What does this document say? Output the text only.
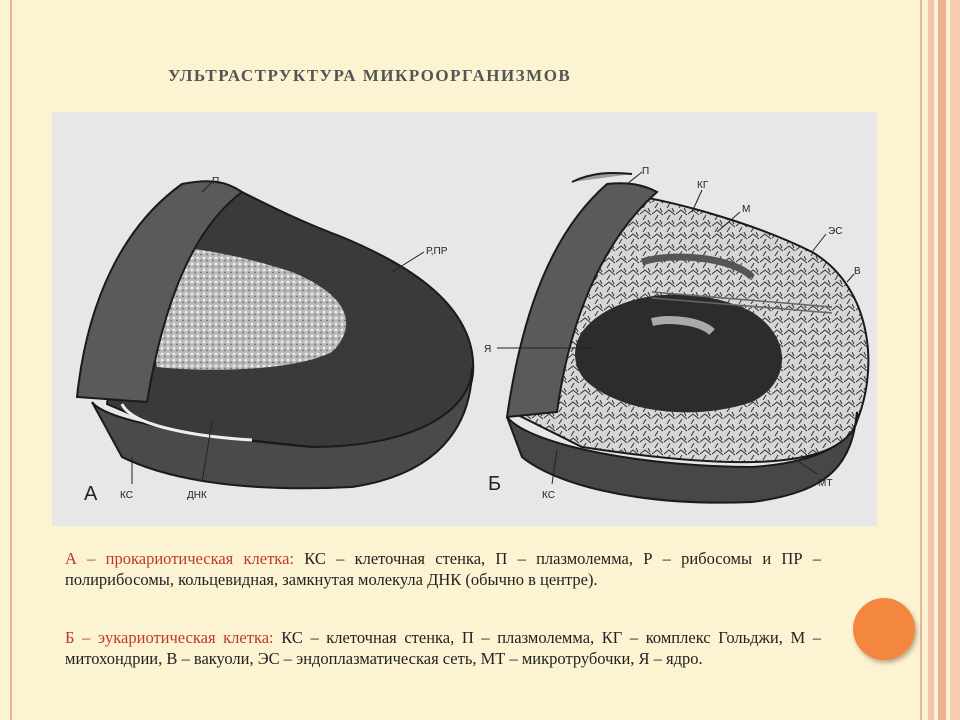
УЛЬТРАСТРУКТУРА МИКРООРГАНИЗМОВ
П
Р,ПР
КС	ДНК
А
П
КГ
М
ЭС
В
Я
КС
МТ
Б
А – прокариотическая клетка: КС – клеточная стенка, П – плазмолемма, Р – рибосомы и ПР – полирибосомы, кольцевидная, замкнутая молекула ДНК (обычно в центре).
Б – эукариотическая клетка: КС – клеточная стенка, П – плазмолемма, КГ – комплекс Гольджи, М – митохондрии, В – вакуоли, ЭС – эндоплазматическая сеть, МТ – микротрубочки, Я – ядро.
